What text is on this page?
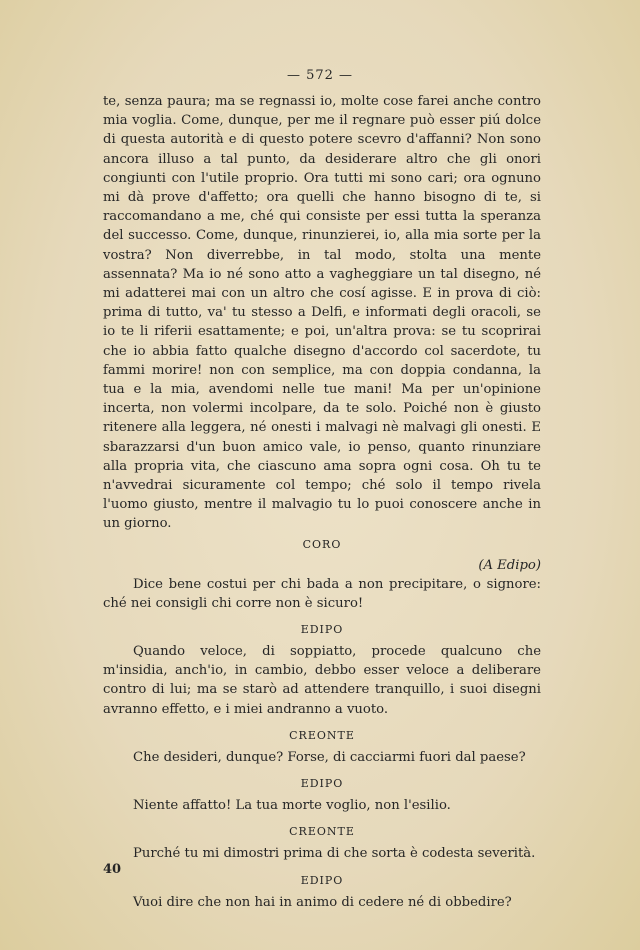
— 572 —

te, senza paura; ma se regnassi io, molte cose farei anche contro mia voglia. Come, dunque, per me il regnare può esser piú dolce di questa autorità e di questo potere scevro d'affanni? Non sono ancora illuso a tal punto, da desiderare altro che gli onori congiunti con l'utile proprio. Ora tutti mi sono cari; ora ognuno mi dà prove d'affetto; ora quelli che hanno bisogno di te, si raccomandano a me, ché qui consiste per essi tutta la speranza del successo. Come, dunque, rinunzierei, io, alla mia sorte per la vostra? Non diverrebbe, in tal modo, stolta una mente assennata? Ma io né sono atto a vagheggiare un tal disegno, né mi adatterei mai con un altro che cosí agisse. E in prova di ciò: prima di tutto, va' tu stesso a Delfi, e informati degli oracoli, se io te li riferii esattamente; e poi, un'altra prova: se tu scoprirai che io abbia fatto qualche disegno d'accordo col sacerdote, tu fammi morire! non con semplice, ma con doppia condanna, la tua e la mia, avendomi nelle tue mani! Ma per un'opinione incerta, non volermi incolpare, da te solo. Poiché non è giusto ritenere alla leggera, né onesti i malvagi nè malvagi gli onesti. E sbarazzarsi d'un buon amico vale, io penso, quanto rinunziare alla propria vita, che ciascuno ama sopra ogni cosa. Oh tu te n'avvedrai sicuramente col tempo; ché solo il tempo rivela l'uomo giusto, mentre il malvagio tu lo puoi conoscere anche in un giorno.

CORO

(A Edipo)

Dice bene costui per chi bada a non precipitare, o signore: ché nei consigli chi corre non è sicuro!

EDIPO

Quando veloce, di soppiatto, procede qualcuno che m'insidia, anch'io, in cambio, debbo esser veloce a deliberare contro di lui; ma se starò ad attendere tranquillo, i suoi disegni avranno effetto, e i miei andranno a vuoto.

CREONTE

Che desideri, dunque? Forse, di cacciarmi fuori dal paese?

EDIPO

Niente affatto! La tua morte voglio, non l'esilio.

CREONTE

Purché tu mi dimostri prima di che sorta è codesta severità.

EDIPO

Vuoi dire che non hai in animo di cedere né di obbedire?

40
